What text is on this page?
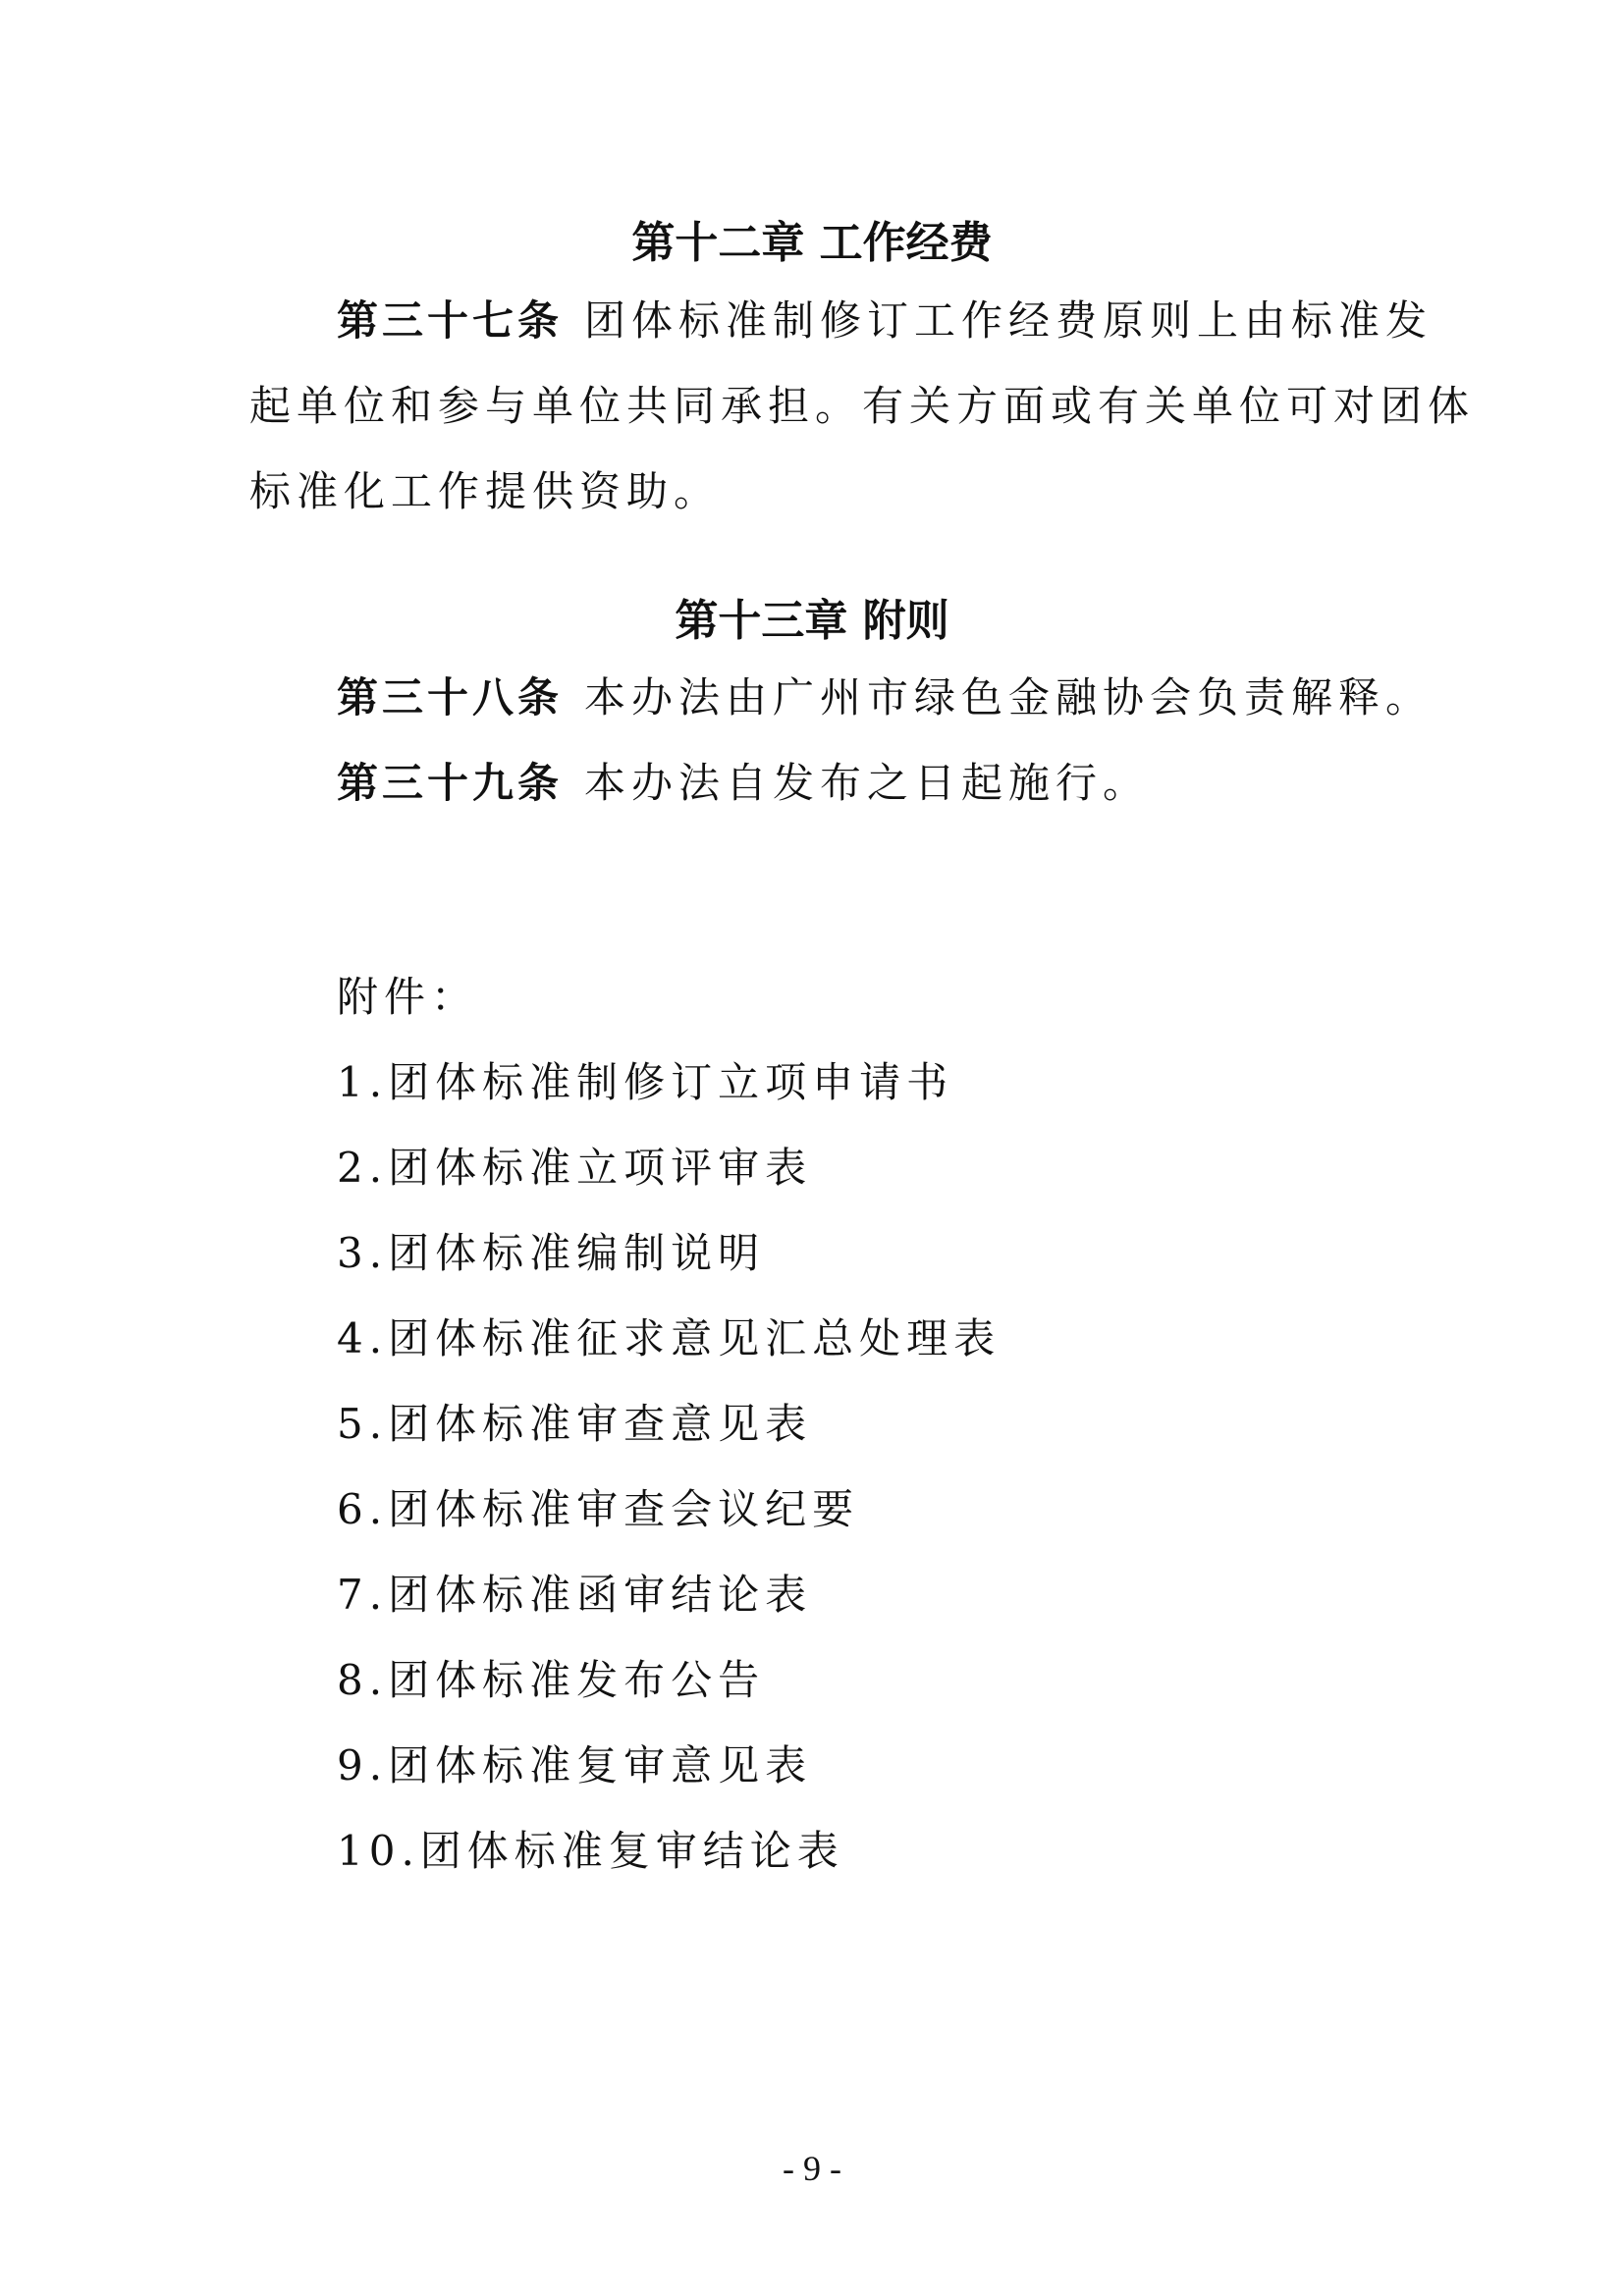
第十二章 工作经费
第三十七条 团体标准制修订工作经费原则上由标准发
起单位和参与单位共同承担。有关方面或有关单位可对团体
标准化工作提供资助。
第十三章 附则
第三十八条 本办法由广州市绿色金融协会负责解释。
第三十九条 本办法自发布之日起施行。
附件：
1.团体标准制修订立项申请书
2.团体标准立项评审表
3.团体标准编制说明
4.团体标准征求意见汇总处理表
5.团体标准审查意见表
6.团体标准审查会议纪要
7.团体标准函审结论表
8.团体标准发布公告
9.团体标准复审意见表
10.团体标准复审结论表
- 9 -
